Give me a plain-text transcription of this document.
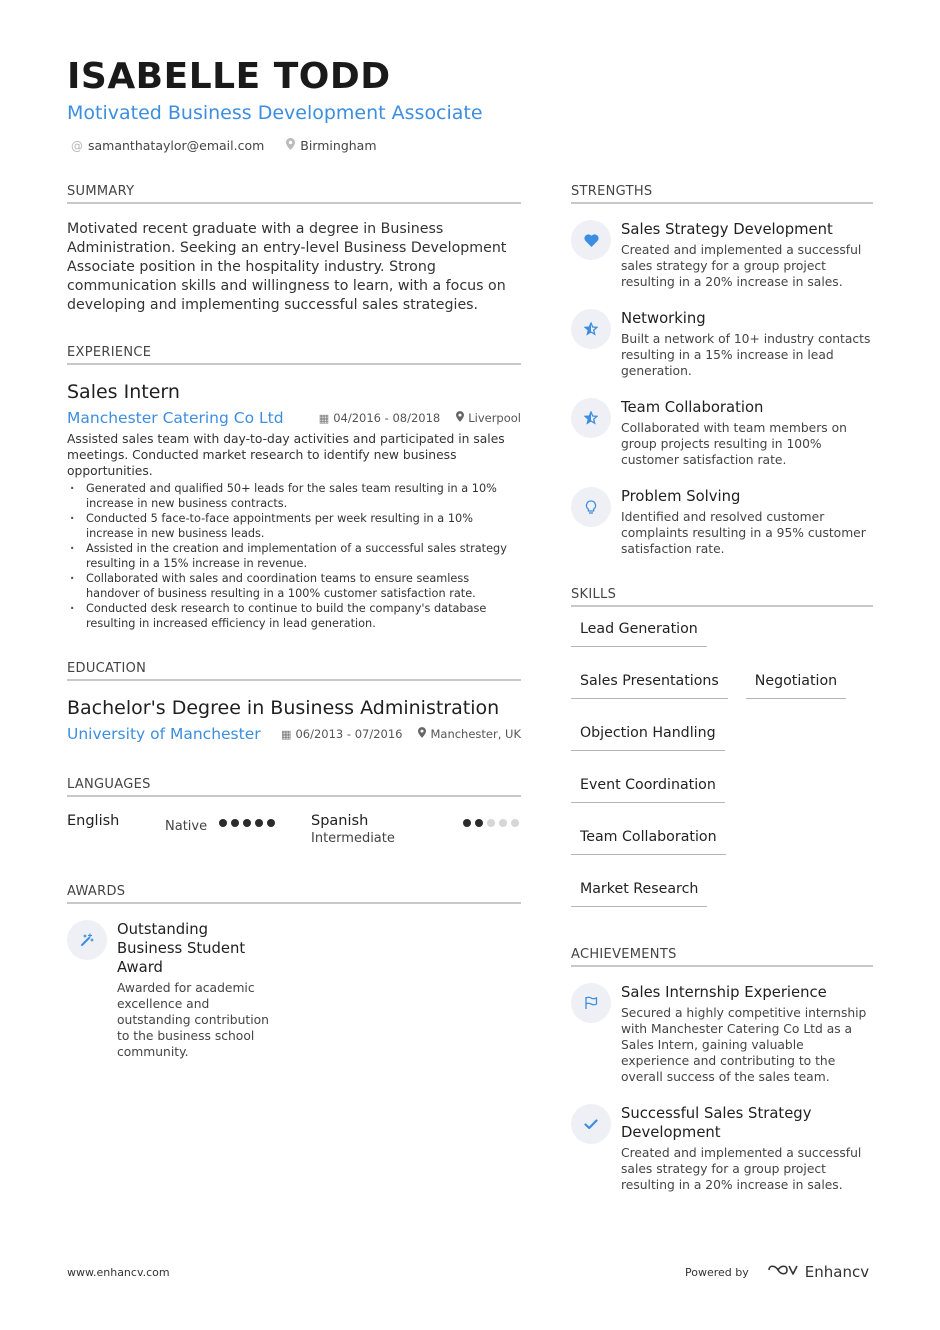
ISABELLE TODD
Motivated Business Development Associate
@ samanthataylor@email.com	Birmingham
SUMMARY
Motivated recent graduate with a degree in Business Administration. Seeking an entry-level Business Development Associate position in the hospitality industry. Strong communication skills and willingness to learn, with a focus on developing and implementing successful sales strategies.
EXPERIENCE
Sales Intern
Manchester Catering Co Ltd	▦ 04/2016 - 08/2018	Liverpool
Assisted sales team with day-to-day activities and participated in sales meetings. Conducted market research to identify new business opportunities.
· Generated and qualified 50+ leads for the sales team resulting in a 10% increase in new business contracts.
· Conducted 5 face-to-face appointments per week resulting in a 10% increase in new business leads.
· Assisted in the creation and implementation of a successful sales strategy resulting in a 15% increase in revenue.
· Collaborated with sales and coordination teams to ensure seamless handover of business resulting in a 100% customer satisfaction rate.
· Conducted desk research to continue to build the company's database resulting in increased efficiency in lead generation.
EDUCATION
Bachelor's Degree in Business Administration
University of Manchester ▦ 06/2013 - 07/2016	Manchester, UK
LANGUAGES
English	Native	Spanish
Intermediate
AWARDS
Outstanding Business Student Award
Awarded for academic excellence and outstanding contribution to the business school community.
STRENGTHS
Sales Strategy Development
Created and implemented a successful sales strategy for a group project resulting in a 20% increase in sales.
Networking
Built a network of 10+ industry contacts resulting in a 15% increase in lead generation.
Team Collaboration
Collaborated with team members on group projects resulting in 100% customer satisfaction rate.
Problem Solving
Identified and resolved customer complaints resulting in a 95% customer satisfaction rate.
SKILLS
Lead Generation
Sales Presentations	Negotiation
Objection Handling
Event Coordination
Team Collaboration
Market Research
ACHIEVEMENTS
Sales Internship Experience
Secured a highly competitive internship with Manchester Catering Co Ltd as a Sales Intern, gaining valuable experience and contributing to the overall success of the sales team.
Successful Sales Strategy Development
Created and implemented a successful sales strategy for a group project resulting in a 20% increase in sales.
www.enhancv.com	Powered by	Enhancv
